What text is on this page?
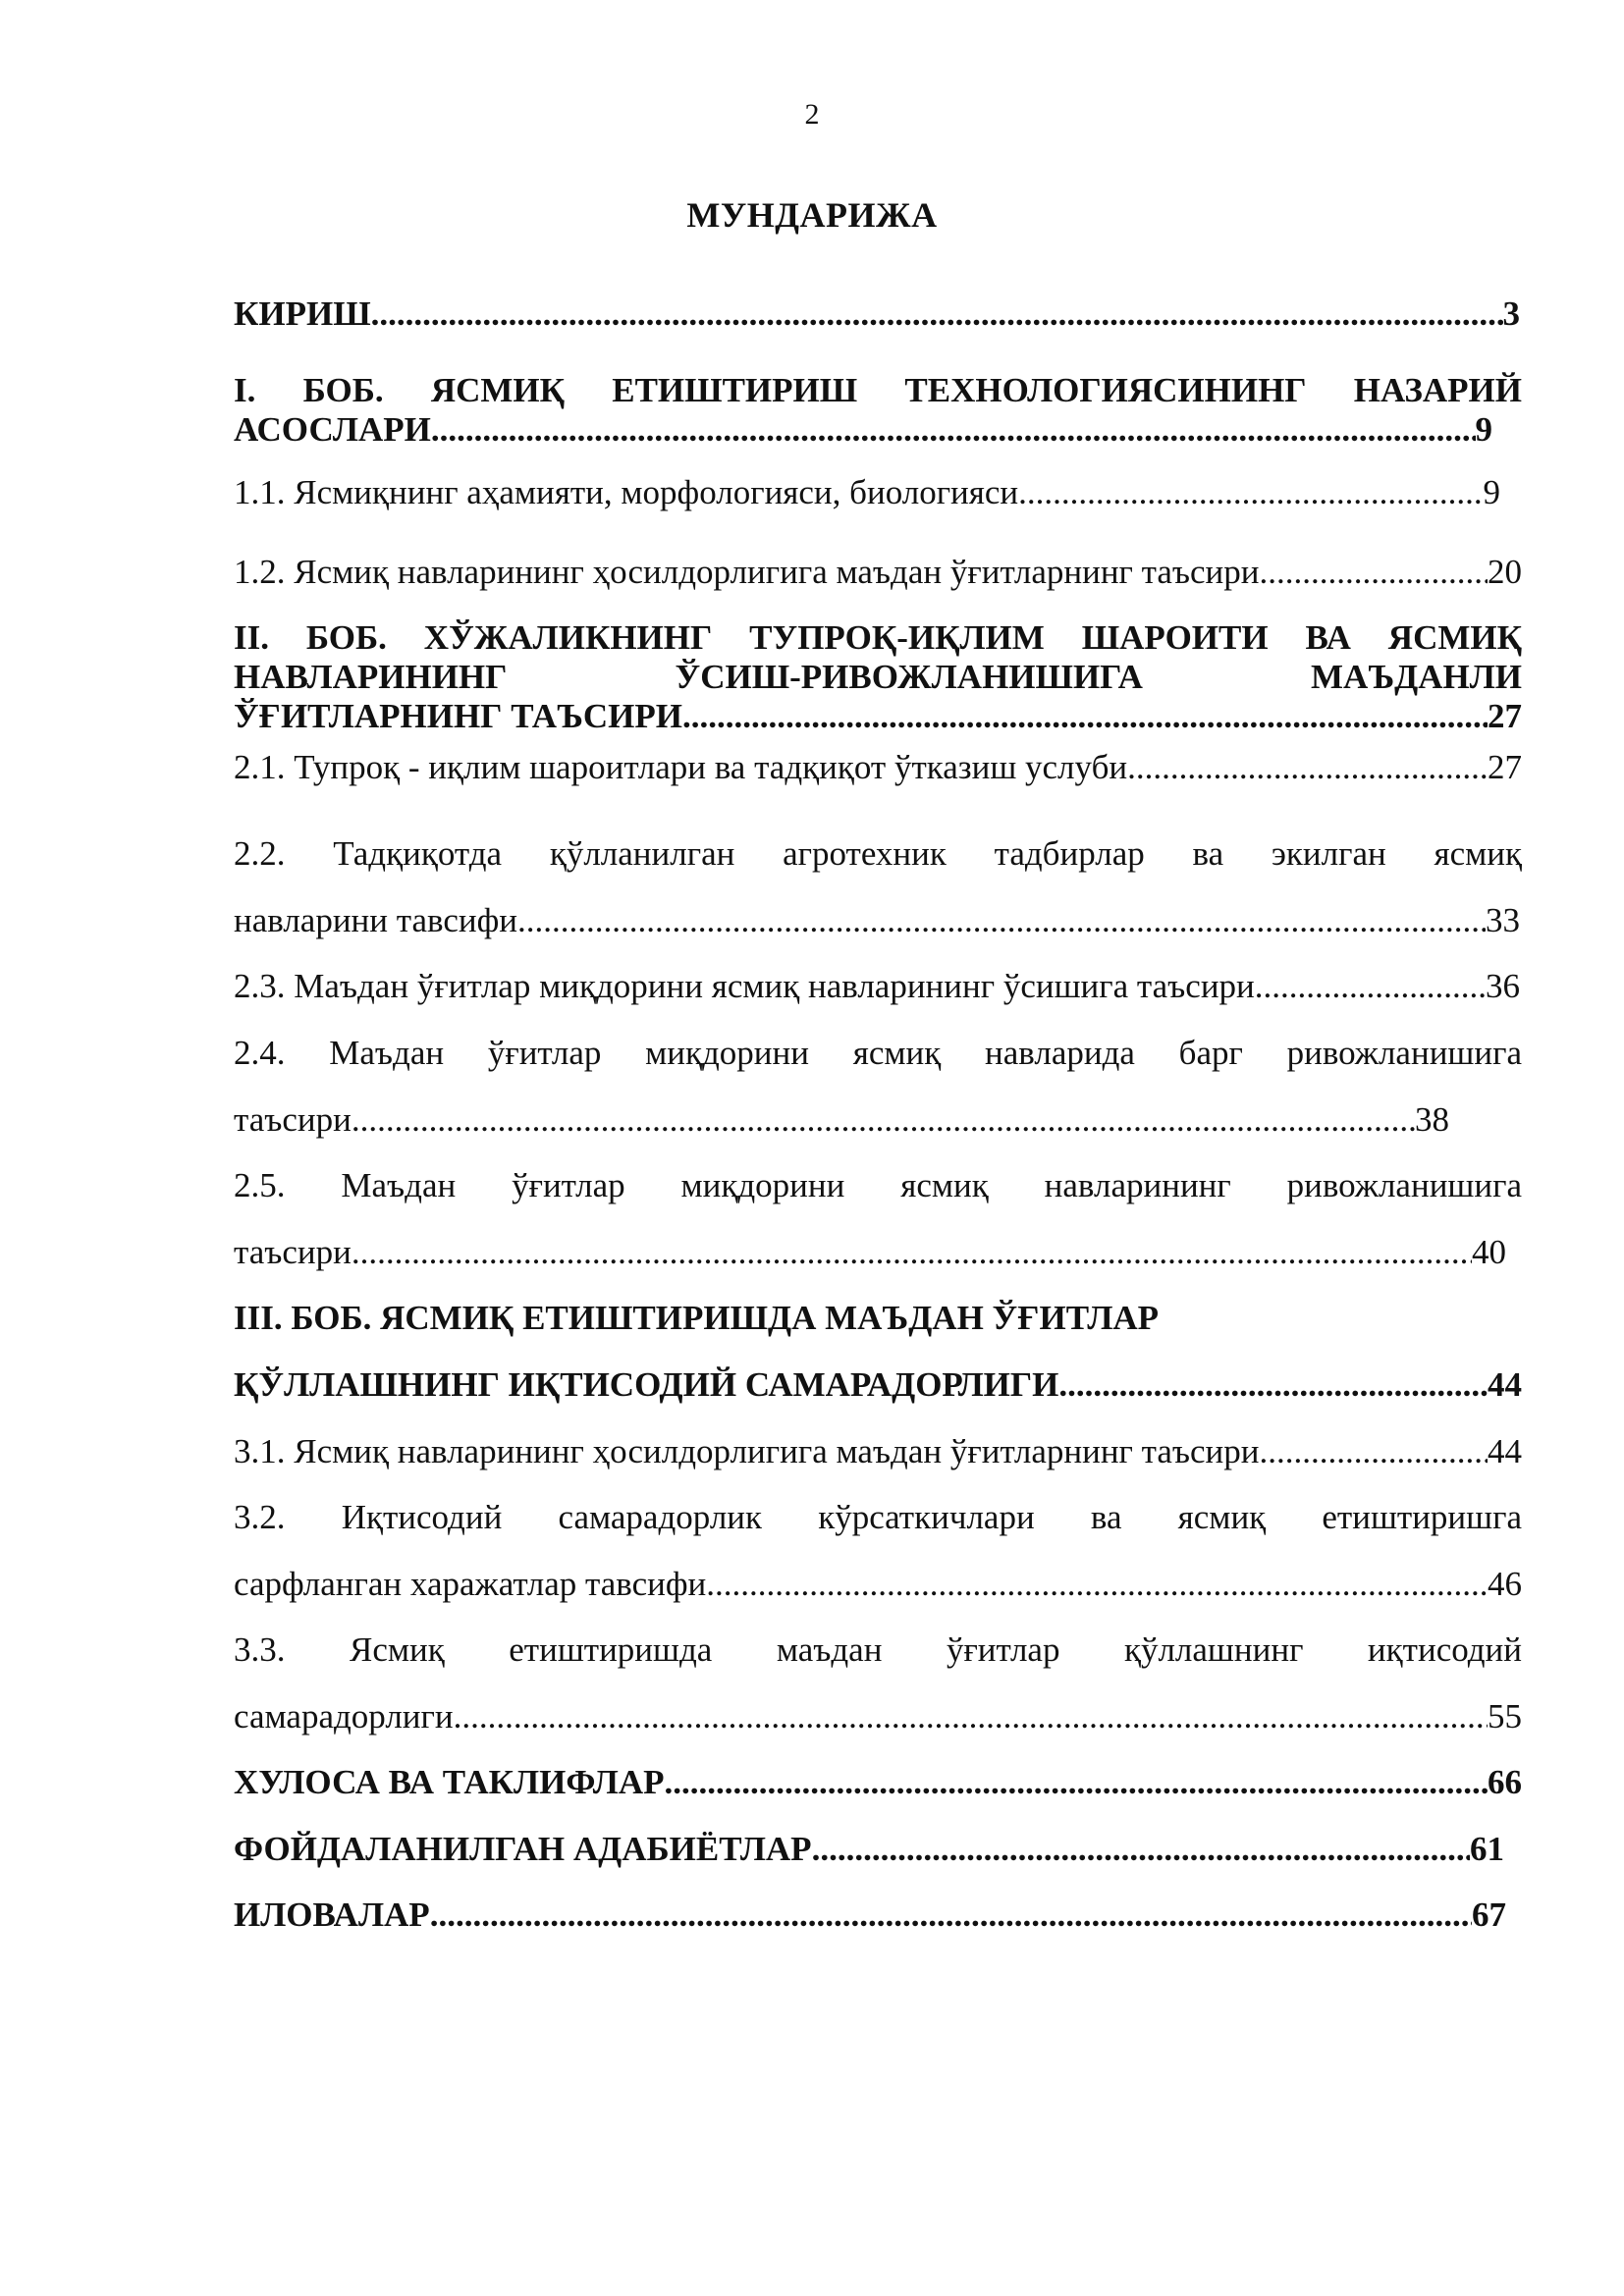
2
МУНДАРИЖА
КИРИШ .....	3
I. БОБ. ЯСМИҚ ЕТИШТИРИШ ТЕХНОЛОГИЯСИНИНГ НАЗАРИЙ
АСОСЛАРИ .....	9
1.1. Ясмиқнинг аҳамияти, морфологияси, биологияси .....	9
1.2. Ясмиқ навларининг ҳосилдорлигига маъдан ўғитларнинг таъсири .....	20
II. БОБ. ХЎЖАЛИКНИНГ ТУПРОҚ-ИҚЛИМ ШАРОИТИ ВА ЯСМИҚ
НАВЛАРИНИНГ ЎСИШ-РИВОЖЛАНИШИГА МАЪДАНЛИ
ЎҒИТЛАРНИНГ ТАЪСИРИ .....	27
2.1. Тупроқ - иқлим шароитлари ва тадқиқот ўтказиш услуби .....	27
2.2. Тадқиқотда қўлланилган агротехник тадбирлар ва экилган ясмиқ
навларини тавсифи .....	33
2.3. Маъдан ўғитлар миқдорини ясмиқ навларининг ўсишига таъсири .....	36
2.4. Маъдан ўғитлар миқдорини ясмиқ навларида барг ривожланишига
таъсири .....	38
2.5. Маъдан ўғитлар миқдорини ясмиқ навларининг ривожланишига
таъсири .....	40
III. БОБ. ЯСМИҚ ЕТИШТИРИШДА МАЪДАН ЎҒИТЛАР
ҚЎЛЛАШНИНГ ИҚТИСОДИЙ САМАРАДОРЛИГИ .....	44
3.1. Ясмиқ навларининг ҳосилдорлигига маъдан ўғитларнинг таъсири .....	44
3.2. Иқтисодий самарадорлик кўрсаткичлари ва ясмиқ етиштиришга
сарфланган харажатлар тавсифи .....	46
3.3. Ясмиқ етиштиришда маъдан ўғитлар қўллашнинг иқтисодий
самарадорлиги .....	55
ХУЛОСА ВА ТАКЛИФЛАР .....	66
ФОЙДАЛАНИЛГАН АДАБИЁТЛАР .....	61
ИЛОВАЛАР .....	67
